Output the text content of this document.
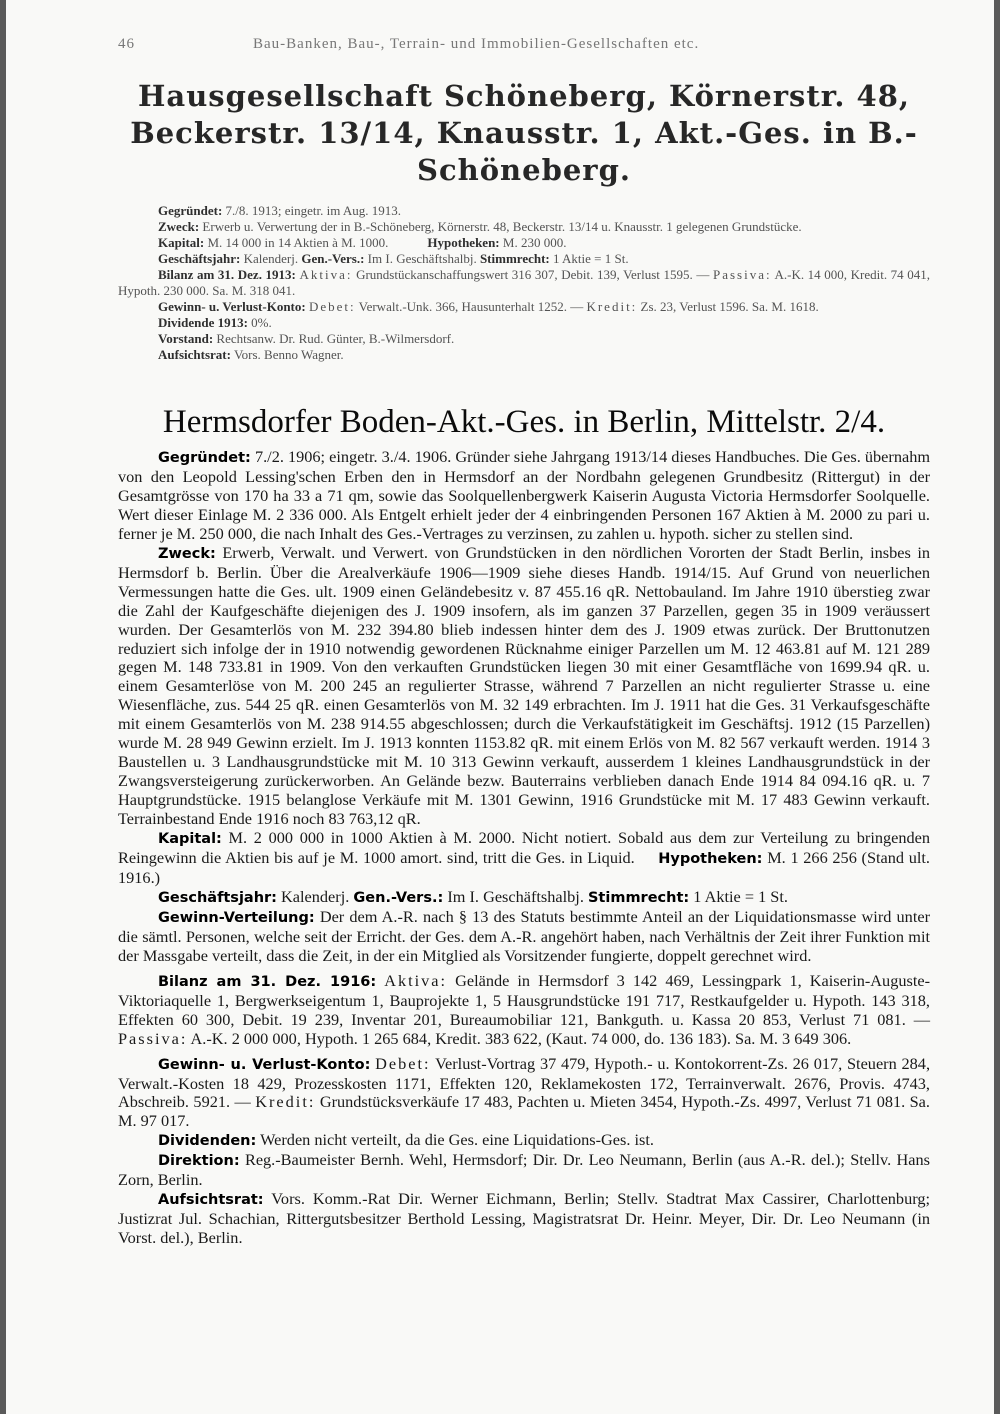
46	Bau-Banken, Bau-, Terrain- und Immobilien-Gesellschaften etc.
Hausgesellschaft Schöneberg, Körnerstr. 48, Beckerstr. 13/14, Knausstr. 1, Akt.-Ges. in B.-Schöneberg.

Gegründet: 7./8. 1913; eingetr. im Aug. 1913.

Zweck: Erwerb u. Verwertung der in B.-Schöneberg, Körnerstr. 48, Beckerstr. 13/14 u. Knausstr. 1 gelegenen Grundstücke.

Kapital: M. 14 000 in 14 Aktien à M. 1000.	Hypotheken: M. 230 000.

Geschäftsjahr: Kalenderj. Gen.-Vers.: Im I. Geschäftshalbj. Stimmrecht: 1 Aktie = 1 St.

Bilanz am 31. Dez. 1913: Aktiva: Grundstückanschaffungswert 316 307, Debit. 139, Verlust 1595. — Passiva: A.-K. 14 000, Kredit. 74 041, Hypoth. 230 000. Sa. M. 318 041.

Gewinn- u. Verlust-Konto: Debet: Verwalt.-Unk. 366, Hausunterhalt 1252. — Kredit: Zs. 23, Verlust 1596. Sa. M. 1618.

Dividende 1913: 0%.

Vorstand: Rechtsanw. Dr. Rud. Günter, B.-Wilmersdorf.

Aufsichtsrat: Vors. Benno Wagner.

Hermsdorfer Boden-Akt.-Ges. in Berlin, Mittelstr. 2/4.

Gegründet: 7./2. 1906; eingetr. 3./4. 1906. Gründer siehe Jahrgang 1913/14 dieses Handbuches. Die Ges. übernahm von den Leopold Lessing'schen Erben den in Hermsdorf an der Nordbahn gelegenen Grundbesitz (Rittergut) in der Gesamtgrösse von 170 ha 33 a 71 qm, sowie das Soolquellenbergwerk Kaiserin Augusta Victoria Hermsdorfer Soolquelle. Wert dieser Einlage M. 2 336 000. Als Entgelt erhielt jeder der 4 einbringenden Personen 167 Aktien à M. 2000 zu pari u. ferner je M. 250 000, die nach Inhalt des Ges.-Vertrages zu verzinsen, zu zahlen u. hypoth. sicher zu stellen sind.

Zweck: Erwerb, Verwalt. und Verwert. von Grundstücken in den nördlichen Vororten der Stadt Berlin, insbes in Hermsdorf b. Berlin. Über die Arealverkäufe 1906—1909 siehe dieses Handb. 1914/15. Auf Grund von neuerlichen Vermessungen hatte die Ges. ult. 1909 einen Geländebesitz v. 87 455.16 qR. Nettobauland. Im Jahre 1910 überstieg zwar die Zahl der Kaufgeschäfte diejenigen des J. 1909 insofern, als im ganzen 37 Parzellen, gegen 35 in 1909 veräussert wurden. Der Gesamterlös von M. 232 394.80 blieb indessen hinter dem des J. 1909 etwas zurück. Der Bruttonutzen reduziert sich infolge der in 1910 notwendig gewordenen Rücknahme einiger Parzellen um M. 12 463.81 auf M. 121 289 gegen M. 148 733.81 in 1909. Von den verkauften Grundstücken liegen 30 mit einer Gesamtfläche von 1699.94 qR. u. einem Gesamterlöse von M. 200 245 an regulierter Strasse, während 7 Parzellen an nicht regulierter Strasse u. eine Wiesenfläche, zus. 544 25 qR. einen Gesamterlös von M. 32 149 erbrachten. Im J. 1911 hat die Ges. 31 Verkaufsgeschäfte mit einem Gesamterlös von M. 238 914.55 abgeschlossen; durch die Verkaufstätigkeit im Geschäftsj. 1912 (15 Parzellen) wurde M. 28 949 Gewinn erzielt. Im J. 1913 konnten 1153.82 qR. mit einem Erlös von M. 82 567 verkauft werden. 1914 3 Baustellen u. 3 Landhausgrundstücke mit M. 10 313 Gewinn verkauft, ausserdem 1 kleines Landhausgrundstück in der Zwangsversteigerung zurückerworben. An Gelände bezw. Bauterrains verblieben danach Ende 1914 84 094.16 qR. u. 7 Hauptgrundstücke. 1915 belanglose Verkäufe mit M. 1301 Gewinn, 1916 Grundstücke mit M. 17 483 Gewinn verkauft. Terrainbestand Ende 1916 noch 83 763,12 qR.

Kapital: M. 2 000 000 in 1000 Aktien à M. 2000. Nicht notiert. Sobald aus dem zur Verteilung zu bringenden Reingewinn die Aktien bis auf je M. 1000 amort. sind, tritt die Ges. in Liquid. Hypotheken: M. 1 266 256 (Stand ult. 1916.)

Geschäftsjahr: Kalenderj. Gen.-Vers.: Im I. Geschäftshalbj. Stimmrecht: 1 Aktie = 1 St.

Gewinn-Verteilung: Der dem A.-R. nach § 13 des Statuts bestimmte Anteil an der Liquidationsmasse wird unter die sämtl. Personen, welche seit der Erricht. der Ges. dem A.-R. angehört haben, nach Verhältnis der Zeit ihrer Funktion mit der Massgabe verteilt, dass die Zeit, in der ein Mitglied als Vorsitzender fungierte, doppelt gerechnet wird.

Bilanz am 31. Dez. 1916: Aktiva: Gelände in Hermsdorf 3 142 469, Lessingpark 1, Kaiserin-Auguste-Viktoriaquelle 1, Bergwerkseigentum 1, Bauprojekte 1, 5 Hausgrundstücke 191 717, Restkaufgelder u. Hypoth. 143 318, Effekten 60 300, Debit. 19 239, Inventar 201, Bureaumobiliar 121, Bankguth. u. Kassa 20 853, Verlust 71 081. — Passiva: A.-K. 2 000 000, Hypoth. 1 265 684, Kredit. 383 622, (Kaut. 74 000, do. 136 183). Sa. M. 3 649 306.

Gewinn- u. Verlust-Konto: Debet: Verlust-Vortrag 37 479, Hypoth.- u. Kontokorrent-Zs. 26 017, Steuern 284, Verwalt.-Kosten 18 429, Prozesskosten 1171, Effekten 120, Reklamekosten 172, Terrainverwalt. 2676, Provis. 4743, Abschreib. 5921. — Kredit: Grundstücksverkäufe 17 483, Pachten u. Mieten 3454, Hypoth.-Zs. 4997, Verlust 71 081. Sa. M. 97 017.

Dividenden: Werden nicht verteilt, da die Ges. eine Liquidations-Ges. ist.

Direktion: Reg.-Baumeister Bernh. Wehl, Hermsdorf; Dir. Dr. Leo Neumann, Berlin (aus A.-R. del.); Stellv. Hans Zorn, Berlin.

Aufsichtsrat: Vors. Komm.-Rat Dir. Werner Eichmann, Berlin; Stellv. Stadtrat Max Cassirer, Charlottenburg; Justizrat Jul. Schachian, Rittergutsbesitzer Berthold Lessing, Magistratsrat Dr. Heinr. Meyer, Dir. Dr. Leo Neumann (in Vorst. del.), Berlin.
